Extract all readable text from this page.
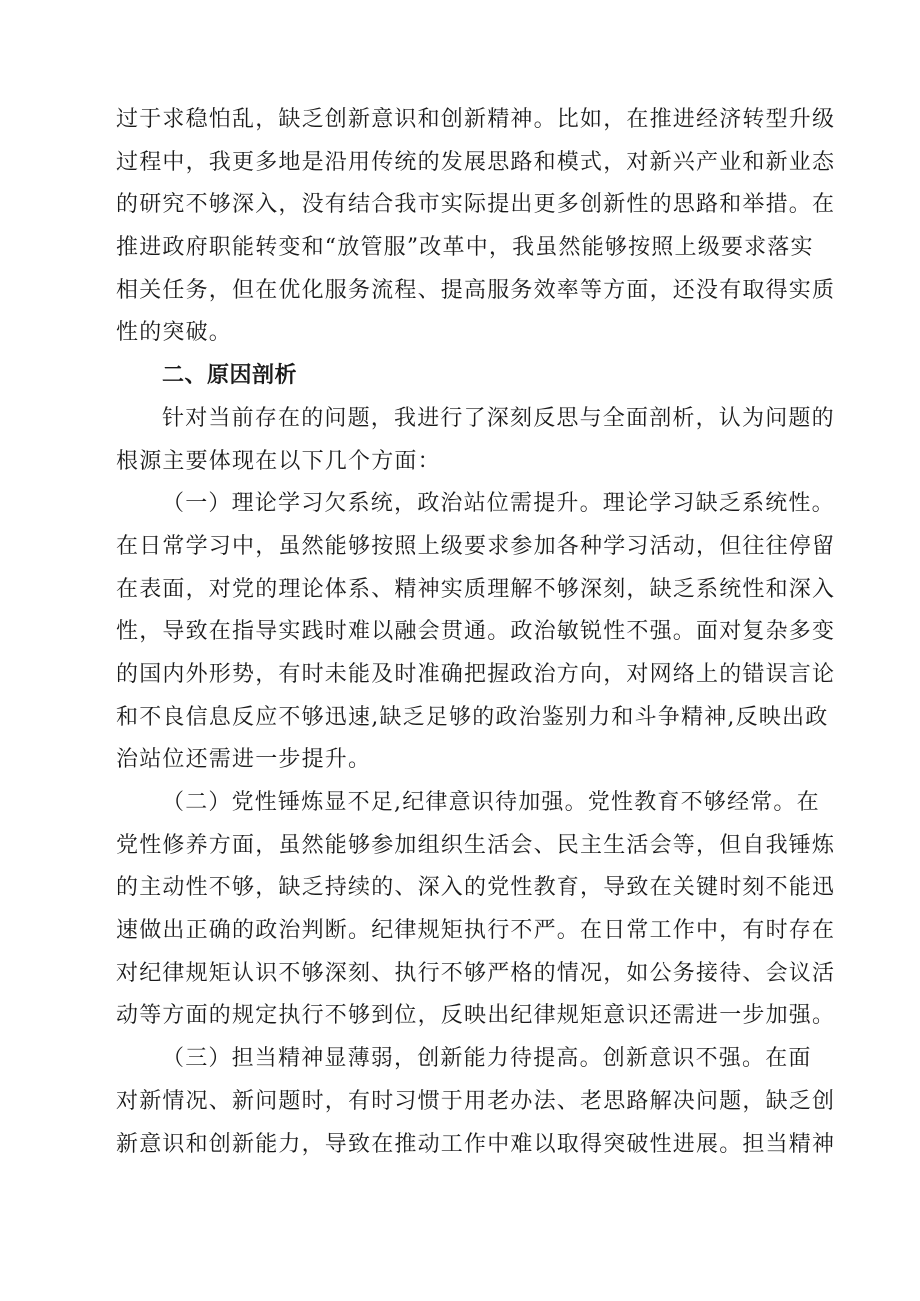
过于求稳怕乱，缺乏创新意识和创新精神。比如，在推进经济转型升级
过程中，我更多地是沿用传统的发展思路和模式，对新兴产业和新业态
的研究不够深入，没有结合我市实际提出更多创新性的思路和举措。在
推进政府职能转变和“放管服”改革中，我虽然能够按照上级要求落实
相关任务，但在优化服务流程、提高服务效率等方面，还没有取得实质
性的突破。
二、原因剖析
针对当前存在的问题，我进行了深刻反思与全面剖析，认为问题的
根源主要体现在以下几个方面：
（一）理论学习欠系统，政治站位需提升。理论学习缺乏系统性。
在日常学习中，虽然能够按照上级要求参加各种学习活动，但往往停留
在表面，对党的理论体系、精神实质理解不够深刻，缺乏系统性和深入
性，导致在指导实践时难以融会贯通。政治敏锐性不强。面对复杂多变
的国内外形势，有时未能及时准确把握政治方向，对网络上的错误言论
和不良信息反应不够迅速,缺乏足够的政治鉴别力和斗争精神,反映出政
治站位还需进一步提升。
（二）党性锤炼显不足,纪律意识待加强。党性教育不够经常。在
党性修养方面，虽然能够参加组织生活会、民主生活会等，但自我锤炼
的主动性不够，缺乏持续的、深入的党性教育，导致在关键时刻不能迅
速做出正确的政治判断。纪律规矩执行不严。在日常工作中，有时存在
对纪律规矩认识不够深刻、执行不够严格的情况，如公务接待、会议活
动等方面的规定执行不够到位，反映出纪律规矩意识还需进一步加强。
（三）担当精神显薄弱，创新能力待提高。创新意识不强。在面
对新情况、新问题时，有时习惯于用老办法、老思路解决问题，缺乏创
新意识和创新能力，导致在推动工作中难以取得突破性进展。担当精神
